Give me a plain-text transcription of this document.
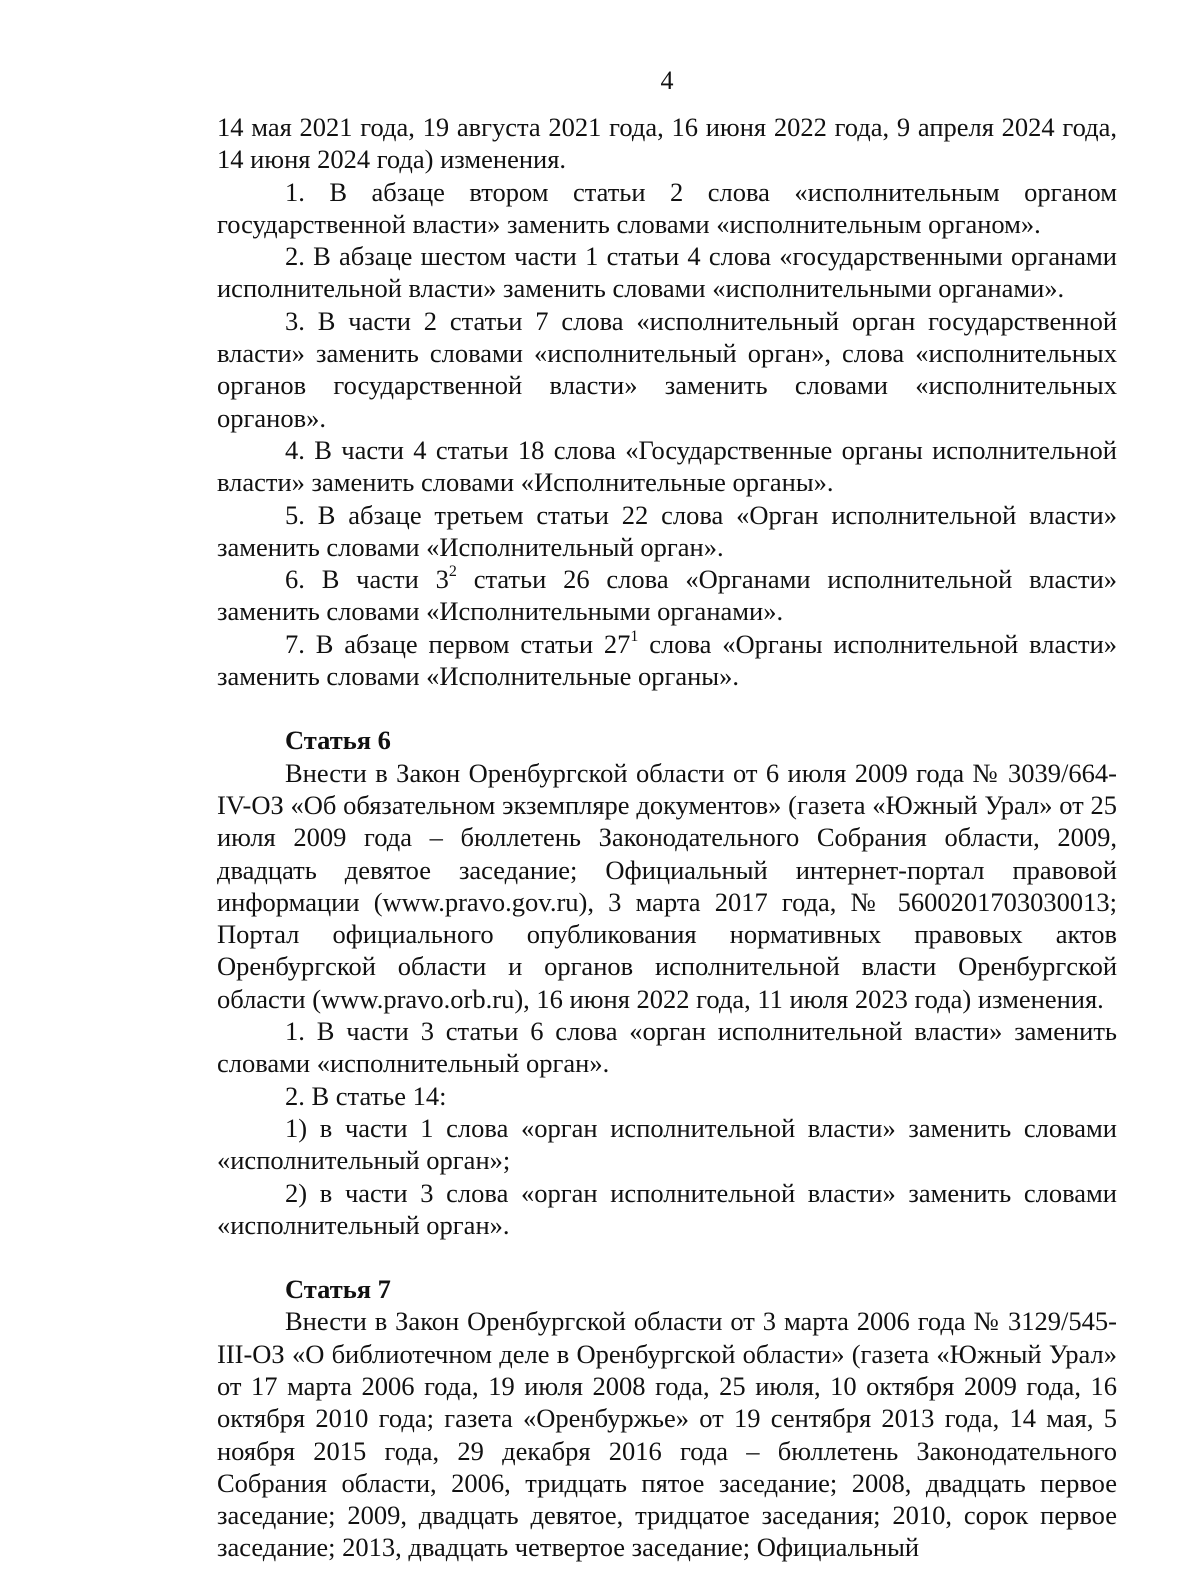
4

14 мая 2021 года, 19 августа 2021 года, 16 июня 2022 года, 9 апреля 2024 года, 14 июня 2024 года) изменения.

1. В абзаце втором статьи 2 слова «исполнительным органом государственной власти» заменить словами «исполнительным органом».

2. В абзаце шестом части 1 статьи 4 слова «государственными органами исполнительной власти» заменить словами «исполнительными органами».

3. В части 2 статьи 7 слова «исполнительный орган государственной власти» заменить словами «исполнительный орган», слова «исполнительных органов государственной власти» заменить словами «исполнительных органов».

4. В части 4 статьи 18 слова «Государственные органы исполнительной власти» заменить словами «Исполнительные органы».

5. В абзаце третьем статьи 22 слова «Орган исполнительной власти» заменить словами «Исполнительный орган».

6. В части $3^2$ статьи 26 слова «Органами исполнительной власти» заменить словами «Исполнительными органами».

7. В абзаце первом статьи $27^1$ слова «Органы исполнительной власти» заменить словами «Исполнительные органы».

Статья 6

Внести в Закон Оренбургской области от 6 июля 2009 года № 3039/664-IV-ОЗ «Об обязательном экземпляре документов» (газета «Южный Урал» от 25 июля 2009 года – бюллетень Законодательного Собрания области, 2009, двадцать девятое заседание; Официальный интернет-портал правовой информации (www.pravo.gov.ru), 3 марта 2017 года, № 5600201703030013; Портал официального опубликования нормативных правовых актов Оренбургской области и органов исполнительной власти Оренбургской области (www.pravo.orb.ru), 16 июня 2022 года, 11 июля 2023 года) изменения.

1. В части 3 статьи 6 слова «орган исполнительной власти» заменить словами «исполнительный орган».

2. В статье 14:

1) в части 1 слова «орган исполнительной власти» заменить словами «исполнительный орган»;

2) в части 3 слова «орган исполнительной власти» заменить словами «исполнительный орган».

Статья 7

Внести в Закон Оренбургской области от 3 марта 2006 года № 3129/545-III-ОЗ «О библиотечном деле в Оренбургской области» (газета «Южный Урал» от 17 марта 2006 года, 19 июля 2008 года, 25 июля, 10 октября 2009 года, 16 октября 2010 года; газета «Оренбуржье» от 19 сентября 2013 года, 14 мая, 5 ноября 2015 года, 29 декабря 2016 года – бюллетень Законодательного Собрания области, 2006, тридцать пятое заседание; 2008, двадцать первое заседание; 2009, двадцать девятое, тридцатое заседания; 2010, сорок первое заседание; 2013, двадцать четвертое заседание; Официальный
